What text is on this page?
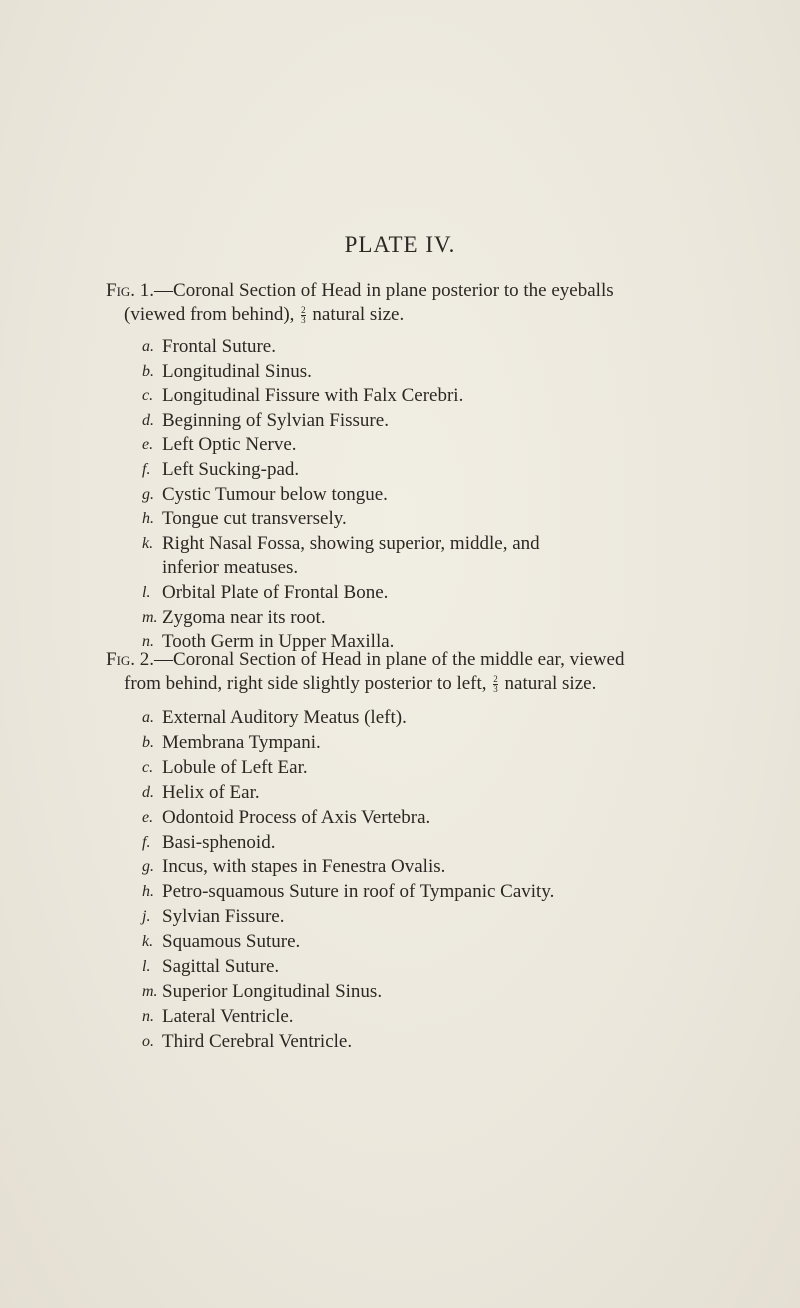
PLATE IV.

Fig. 1.—Coronal Section of Head in plane posterior to the eyeballs
(viewed from behind), $\frac{2}{3}$ natural size.

a. Frontal Suture.
b. Longitudinal Sinus.
c. Longitudinal Fissure with Falx Cerebri.
d. Beginning of Sylvian Fissure.
e. Left Optic Nerve.
f. Left Sucking-pad.
g. Cystic Tumour below tongue.
h. Tongue cut transversely.
k. Right Nasal Fossa, showing superior, middle, and
inferior meatuses.
l. Orbital Plate of Frontal Bone.
m. Zygoma near its root.
n. Tooth Germ in Upper Maxilla.

Fig. 2.—Coronal Section of Head in plane of the middle ear, viewed
from behind, right side slightly posterior to left, $\frac{2}{3}$ natural size.

a. External Auditory Meatus (left).
b. Membrana Tympani.
c. Lobule of Left Ear.
d. Helix of Ear.
e. Odontoid Process of Axis Vertebra.
f. Basi-sphenoid.
g. Incus, with stapes in Fenestra Ovalis.
h. Petro-squamous Suture in roof of Tympanic Cavity.
j. Sylvian Fissure.
k. Squamous Suture.
l. Sagittal Suture.
m. Superior Longitudinal Sinus.
n. Lateral Ventricle.
o. Third Cerebral Ventricle.
